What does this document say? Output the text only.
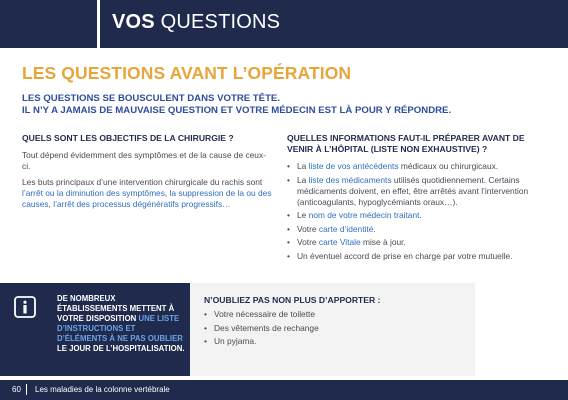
VOS QUESTIONS
LES QUESTIONS AVANT L’OPÉRATION
LES QUESTIONS SE BOUSCULENT DANS VOTRE TÊTE.
IL N’Y A JAMAIS DE MAUVAISE QUESTION ET VOTRE MÉDECIN EST LÀ POUR Y RÉPONDRE.
QUELS SONT LES OBJECTIFS DE LA CHIRURGIE ?

Tout dépend évidemment des symptômes et de la cause de ceux-ci.

Les buts principaux d’une intervention chirurgicale du rachis sont l’arrêt ou la diminution des symptômes, la suppression de la ou des causes, l’arrêt des processus dégénératifs progressifs…

QUELLES INFORMATIONS FAUT-IL PRÉPARER AVANT DE VENIR À L’HÔPITAL (LISTE NON EXHAUSTIVE) ?
• La liste de vos antécédents médicaux ou chirurgicaux.
• La liste des médicaments utilisés quotidiennement. Certains médicaments doivent, en effet, être arrêtés avant l’intervention (anticoagulants, hypoglycémiants oraux…).
• Le nom de votre médecin traitant.
• Votre carte d’identité.
• Votre carte Vitale mise à jour.
• Un éventuel accord de prise en charge par votre mutuelle.
DE NOMBREUX ÉTABLISSEMENTS METTENT À VOTRE DISPOSITION UNE LISTE D’INSTRUCTIONS ET D’ÉLÉMENTS À NE PAS OUBLIER LE JOUR DE L’HOSPITALISATION.
N’OUBLIEZ PAS NON PLUS D’APPORTER :
• Votre nécessaire de toilette
• Des vêtements de rechange
• Un pyjama.
60 Les maladies de la colonne vertébrale
